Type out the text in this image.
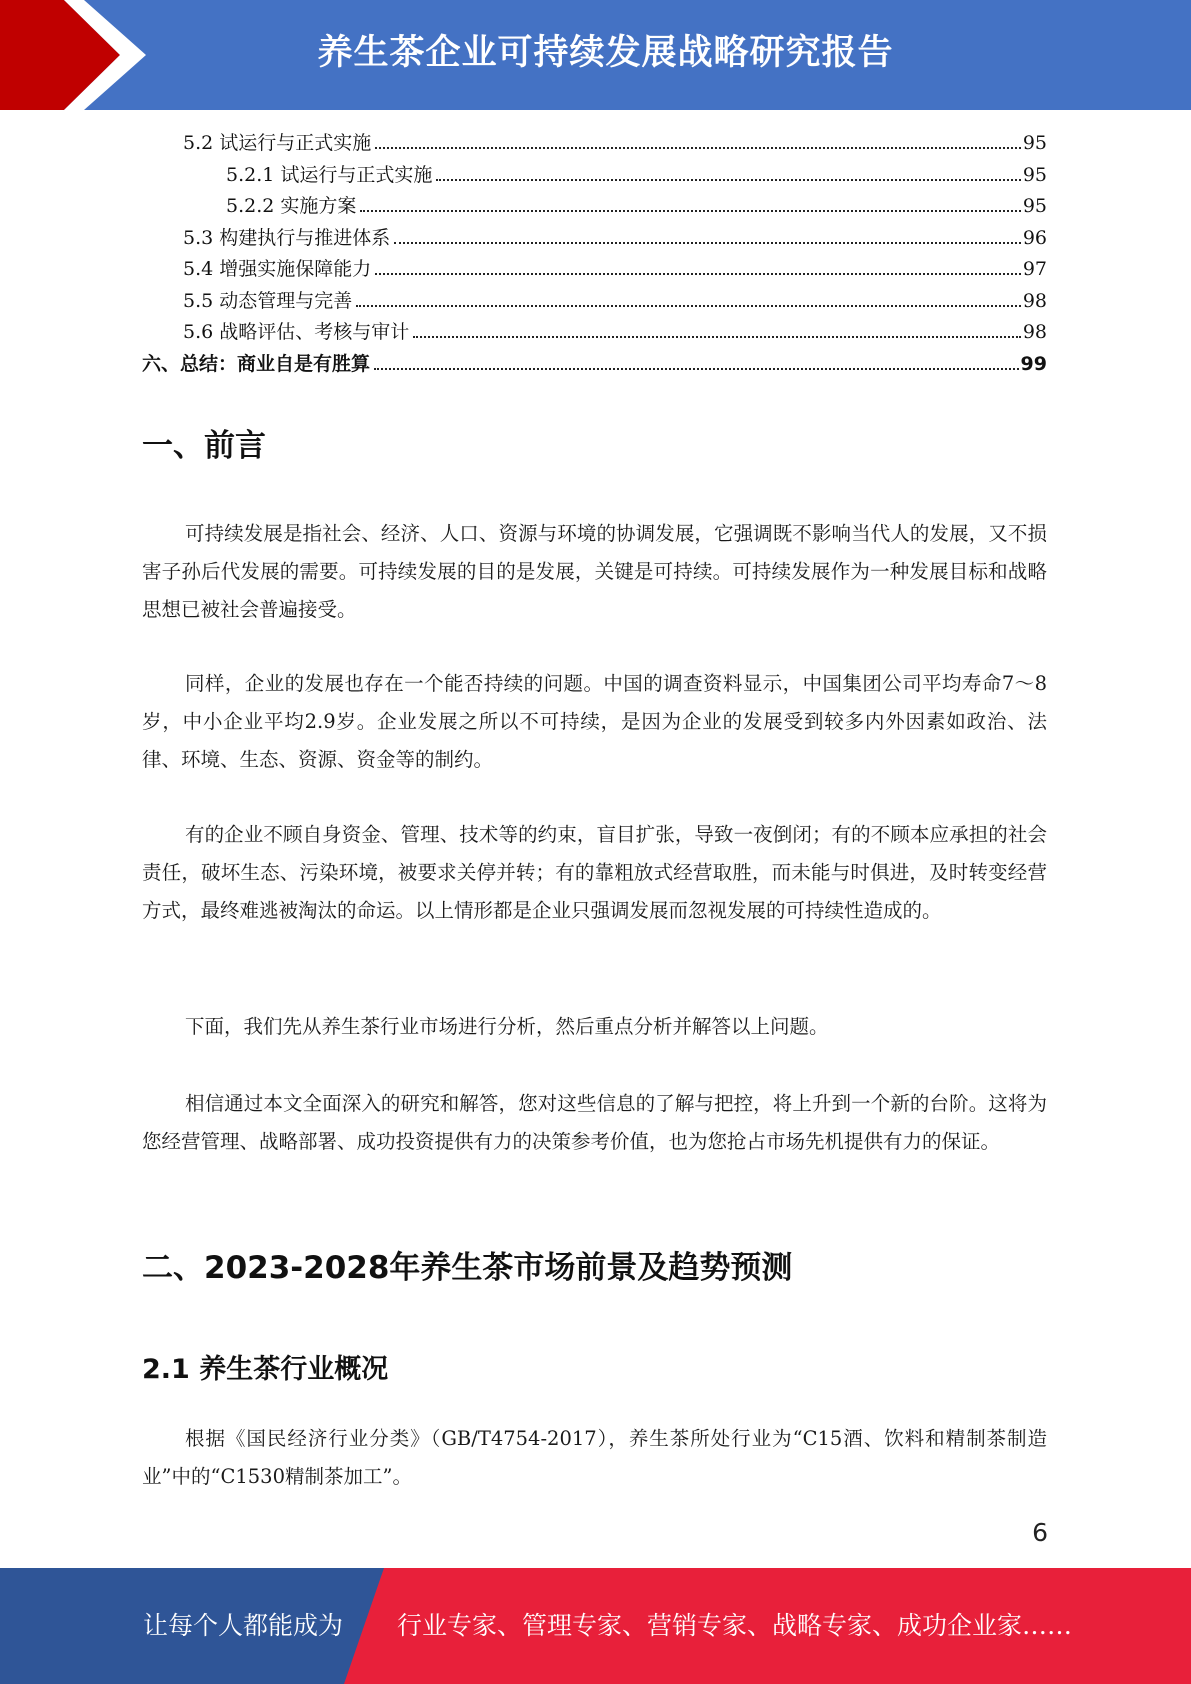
养生茶企业可持续发展战略研究报告
5.2 试运行与正式实施	95
5.2.1 试运行与正式实施	95
5.2.2 实施方案	95
5.3 构建执行与推进体系	96
5.4 增强实施保障能力	97
5.5 动态管理与完善	98
5.6 战略评估、考核与审计	98
六、总结：商业自是有胜算	99
一、前言

可持续发展是指社会、经济、人口、资源与环境的协调发展，它强调既不影响当代人的发展，又不损害子孙后代发展的需要。可持续发展的目的是发展，关键是可持续。可持续发展作为一种发展目标和战略思想已被社会普遍接受。

同样，企业的发展也存在一个能否持续的问题。中国的调查资料显示，中国集团公司平均寿命7～8岁，中小企业平均2.9岁。企业发展之所以不可持续，是因为企业的发展受到较多内外因素如政治、法律、环境、生态、资源、资金等的制约。

有的企业不顾自身资金、管理、技术等的约束，盲目扩张，导致一夜倒闭；有的不顾本应承担的社会责任，破坏生态、污染环境，被要求关停并转；有的靠粗放式经营取胜，而未能与时俱进，及时转变经营方式，最终难逃被淘汰的命运。以上情形都是企业只强调发展而忽视发展的可持续性造成的。

下面，我们先从养生茶行业市场进行分析，然后重点分析并解答以上问题。

相信通过本文全面深入的研究和解答，您对这些信息的了解与把控，将上升到一个新的台阶。这将为您经营管理、战略部署、成功投资提供有力的决策参考价值，也为您抢占市场先机提供有力的保证。

二、2023-2028年养生茶市场前景及趋势预测
2.1 养生茶行业概况

根据《国民经济行业分类》（GB/T4754-2017），养生茶所处行业为“C15酒、饮料和精制茶制造业”中的“C1530精制茶加工”。

6
让每个人都能成为 行业专家、管理专家、营销专家、战略专家、成功企业家……
